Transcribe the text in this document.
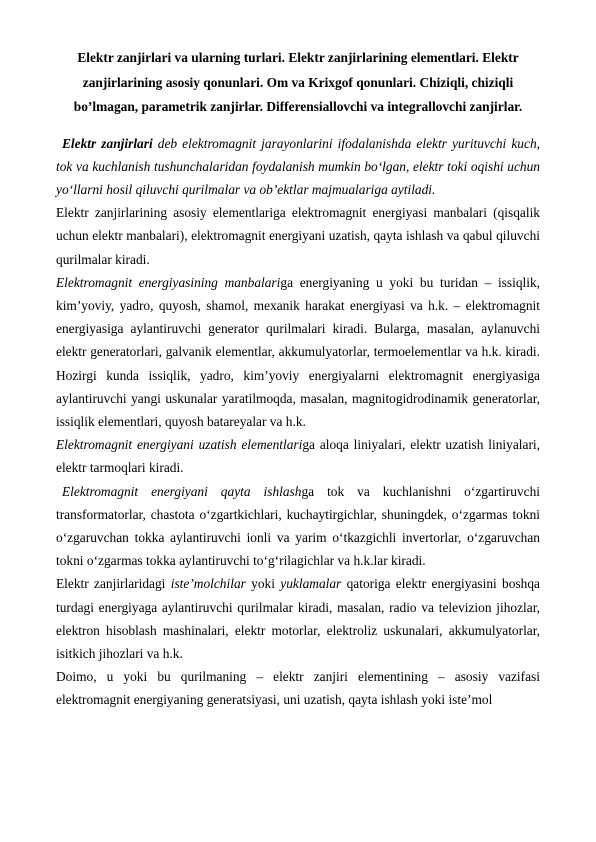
Elektr zanjirlari va ularning turlari. Elektr zanjirlarining elementlari. Elektr zanjirlarining asosiy qonunlari. Om va Krixgof qonunlari. Chiziqli, chiziqli bo’lmagan, parametrik zanjirlar. Differensiallovchi va integrallovchi zanjirlar.

Elektr zanjirlari deb elektromagnit jarayonlarini ifodalanishda elektr yurituvchi kuch, tok va kuchlanish tushunchalaridan foydalanish mumkin bo‘lgan, elektr toki oqishi uchun yo‘llarni hosil qiluvchi qurilmalar va ob’ektlar majmualariga aytiladi.

Elektr zanjirlarining asosiy elementlariga elektromagnit energiyasi manbalari (qisqalik uchun elektr manbalari), elektromagnit energiyani uzatish, qayta ishlash va qabul qiluvchi qurilmalar kiradi.

Elektromagnit energiyasining manbalariga energiyaning u yoki bu turidan – issiqlik, kim’yoviy, yadro, quyosh, shamol, mexanik harakat energiyasi va h.k. – elektromagnit energiyasiga aylantiruvchi generator qurilmalari kiradi. Bularga, masalan, aylanuvchi elektr generatorlari, galvanik elementlar, akkumulyatorlar, termoelementlar va h.k. kiradi. Hozirgi kunda issiqlik, yadro, kim’yoviy energiyalarni elektromagnit energiyasiga aylantiruvchi yangi uskunalar yaratilmoqda, masalan, magnitogidrodinamik generatorlar, issiqlik elementlari, quyosh batareyalar va h.k.

Elektromagnit energiyani uzatish elementlariga aloqa liniyalari, elektr uzatish liniyalari, elektr tarmoqlari kiradi.

Elektromagnit energiyani qayta ishlashga tok va kuchlanishni o‘zgartiruvchi transformatorlar, chastota o‘zgartkichlari, kuchaytirgichlar, shuningdek, o‘zgarmas tokni o‘zgaruvchan tokka aylantiruvchi ionli va yarim o‘tkazgichli invertorlar, o‘zgaruvchan tokni o‘zgarmas tokka aylantiruvchi to‘g‘rilagichlar va h.k.lar kiradi.

Elektr zanjirlaridagi iste’molchilar yoki yuklamalar qatoriga elektr energiyasini boshqa turdagi energiyaga aylantiruvchi qurilmalar kiradi, masalan, radio va televizion jihozlar, elektron hisoblash mashinalari, elektr motorlar, elektroliz uskunalari, akkumulyatorlar, isitkich jihozlari va h.k.

Doimo, u yoki bu qurilmaning – elektr zanjiri elementining – asosiy vazifasi elektromagnit energiyaning generatsiyasi, uni uzatish, qayta ishlash yoki iste’mol
